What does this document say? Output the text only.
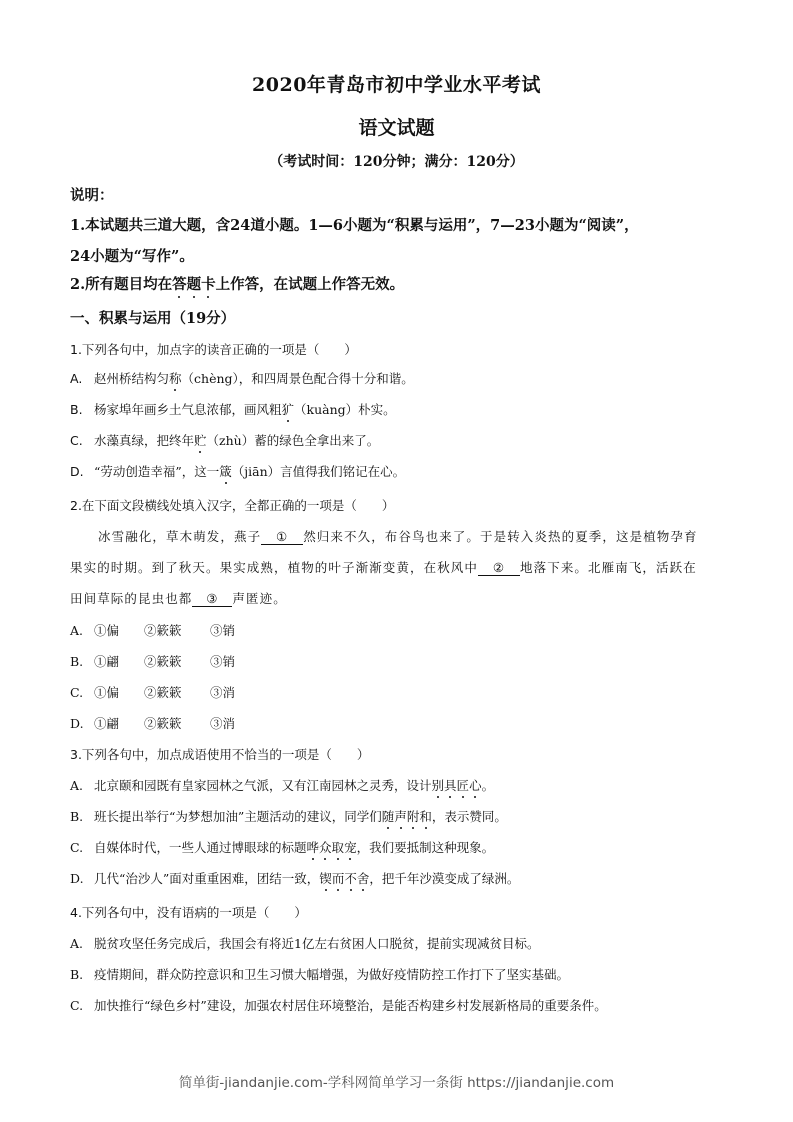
2020年青岛市初中学业水平考试
语文试题
（考试时间：120分钟；满分：120分）
说明：
1.本试题共三道大题，含24道小题。1—6小题为“积累与运用”，7—23小题为“阅读”，
24小题为“写作”。
2.所有题目均在答题卡上作答，在试题上作答无效。
一、积累与运用（19分）
1.下列各句中，加点字的读音正确的一项是（　　）
A. 赵州桥结构匀称（chèng），和四周景色配合得十分和谐。
B. 杨家埠年画乡土气息浓郁，画风粗犷（kuàng）朴实。
C. 水藻真绿，把终年贮（zhù）蓄的绿色全拿出来了。
D. “劳动创造幸福”，这一箴（jiān）言值得我们铭记在心。
2.在下面文段横线处填入汉字，全都正确的一项是（　　）
冰雪融化，草木萌发，燕子 ① 然归来不久，布谷鸟也来了。于是转入炎热的夏季，这是植物孕育
果实的时期。到了秋天。果实成熟，植物的叶子渐渐变黄，在秋风中 ② 地落下来。北雁南飞，活跃在
田间草际的昆虫也都 ③ 声匿迹。
A. ①偏 ②簌簌 ③销
B. ①翩 ②簌簌 ③销
C. ①偏 ②簌簌 ③消
D. ①翩 ②簌簌 ③消
3.下列各句中，加点成语使用不恰当的一项是（　　）
A. 北京颐和园既有皇家园林之气派，又有江南园林之灵秀，设计别具匠心。
B. 班长提出举行“为梦想加油”主题活动的建议，同学们随声附和，表示赞同。
C. 自媒体时代，一些人通过博眼球的标题哗众取宠，我们要抵制这种现象。
D. 几代“治沙人”面对重重困难，团结一致，锲而不舍，把千年沙漠变成了绿洲。
4.下列各句中，没有语病的一项是（　　）
A. 脱贫攻坚任务完成后，我国会有将近1亿左右贫困人口脱贫，提前实现减贫目标。
B. 疫情期间，群众防控意识和卫生习惯大幅增强，为做好疫情防控工作打下了坚实基础。
C. 加快推行“绿色乡村”建设，加强农村居住环境整治，是能否构建乡村发展新格局的重要条件。
简单街-jiandanjie.com-学科网简单学习一条街 https://jiandanjie.com
